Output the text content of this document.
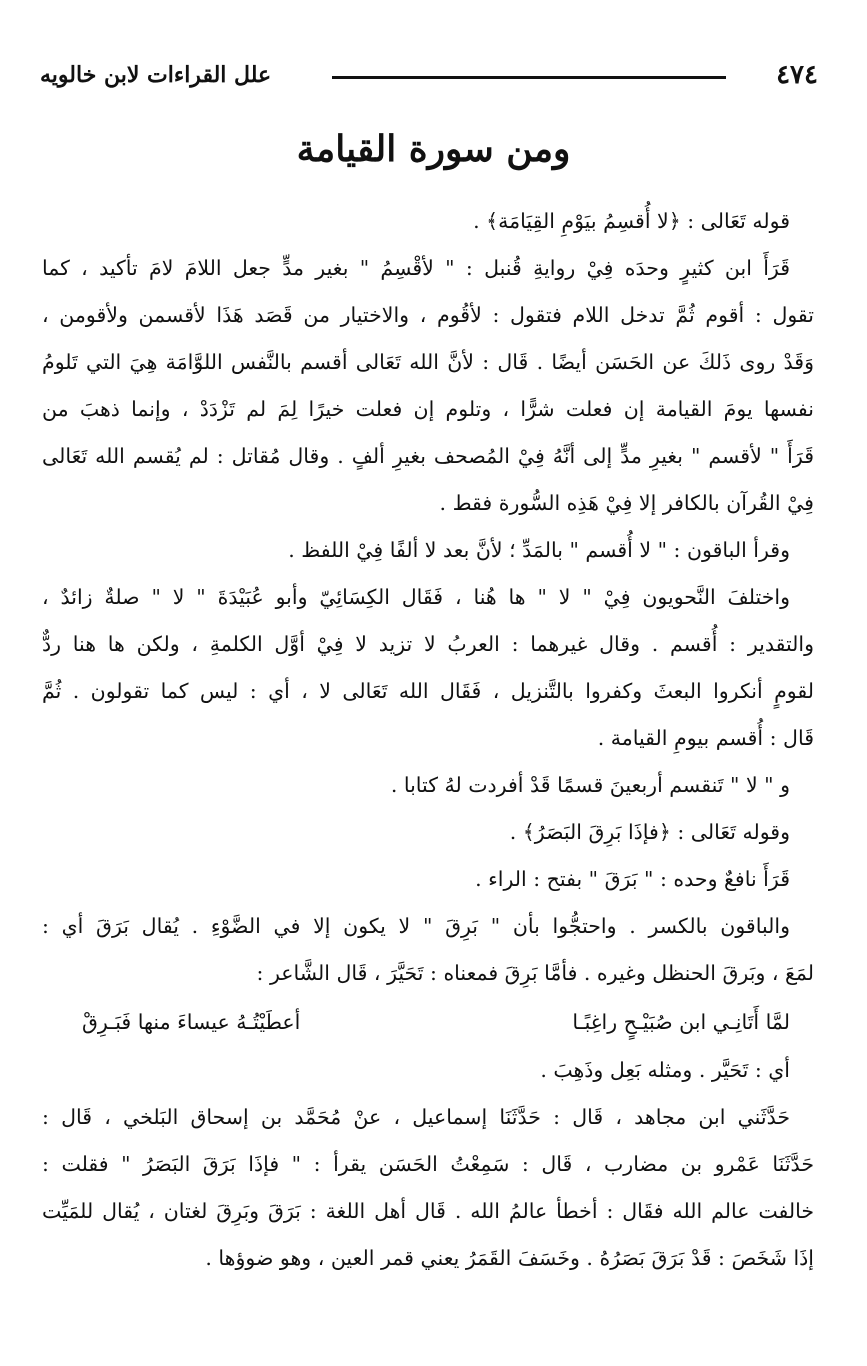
٤٧٤
علل القراءات لابن خالويه
ومن سورة القيامة
قوله تَعَالى : ﴿لا أُقسِمُ بيَوْمِ القِيَامَة﴾ .
قَرَأَ ابن كثيرٍ وحدَه فِيْ روايةِ قُنبل : " لأقْسِمُ " بغير مدٍّ جعل اللامَ لامَ تأكيد ، كما
تقول : أقوم ثُمَّ تدخل اللام فتقول : لأقُوم ، والاختيار من قَصَد هَذَا لأقسمن ولأقومن ،
وَقَدْ روى ذَلكَ عن الحَسَن أيضًا . قَال : لأنَّ الله تَعَالى أقسم بالنَّفس اللوَّامَة هِيَ التي تَلومُ
نفسها يومَ القيامة إن فعلت شرًّا ، وتلوم إن فعلت خيرًا لِمَ لم تَزْدَدْ ، وإنما ذهبَ من
قَرَأَ " لأقسم " بغيرِ مدٍّ إلى أنَّهُ فِيْ المُصحف بغيرِ ألفٍ . وقال مُقاتل : لم يُقسم الله تَعَالى
فِيْ القُرآن بالكافر إلا فِيْ هَذِه السُّورة فقط .
وقرأ الباقون : " لا أُقسم " بالمَدِّ ؛ لأنَّ بعد لا ألفًا فِيْ اللفظ .
واختلفَ النَّحويون فِيْ " لا " ها هُنا ، فَقَال الكِسَائِيّ وأبو عُبَيْدَةَ " لا " صلةٌ زائدٌ ،
والتقدير : أُقسم . وقال غيرهما : العربُ لا تزيد لا فِيْ أوَّل الكلمةِ ، ولكن ها هنا ردٌّ
لقومٍ أنكروا البعثَ وكفروا بالتَّنزيل ، فَقَال الله تَعَالى لا ، أي : ليس كما تقولون . ثُمَّ
قَال : أُقسم بيومِ القيامة .
و " لا " تَنقسم أربعينَ قسمًا قَدْ أفردت لهُ كتابا .
وقوله تَعَالى : ﴿فإذَا بَرِقَ البَصَرُ﴾ .
قَرَأَ نافعٌ وحده : " بَرَقَ " بفتح : الراء .
والباقون بالكسر . واحتجُّوا بأن " بَرِقَ " لا يكون إلا في الضَّوْءِ . يُقال بَرَقَ أي :
لمَعَ ، وبَرقَ الحنظل وغيره . فأمَّا بَرِقَ فمعناه : تَحَيَّرَ ، قَال الشَّاعر :
لمَّا أَتَانِـي ابن صُبَيْـحٍ راغِبًـا
أعطَيْتُـهُ عيساءَ منها فَبَـرِقْ
أي : تَحَيَّر . ومثله بَعِل وذَهِبَ .
حَدَّثَني ابن مجاهد ، قَال : حَدَّثَنَا إسماعيل ، عنْ مُحَمَّد بن إسحاق البَلخي ، قَال :
حَدَّثَنَا عَمْرو بن مضارب ، قَال : سَمِعْتُ الحَسَن يقرأ : " فإذَا بَرَقَ البَصَرُ " فقلت :
خالفت عالم الله فقَال : أخطأ عالمُ الله . قَال أهل اللغة : بَرَقَ وبَرِقَ لغتان ، يُقال للمَيِّت
إذَا شَخَصَ : قَدْ بَرَقَ بَصَرُهُ . وخَسَفَ القَمَرُ يعني قمر العين ، وهو ضوؤها .
